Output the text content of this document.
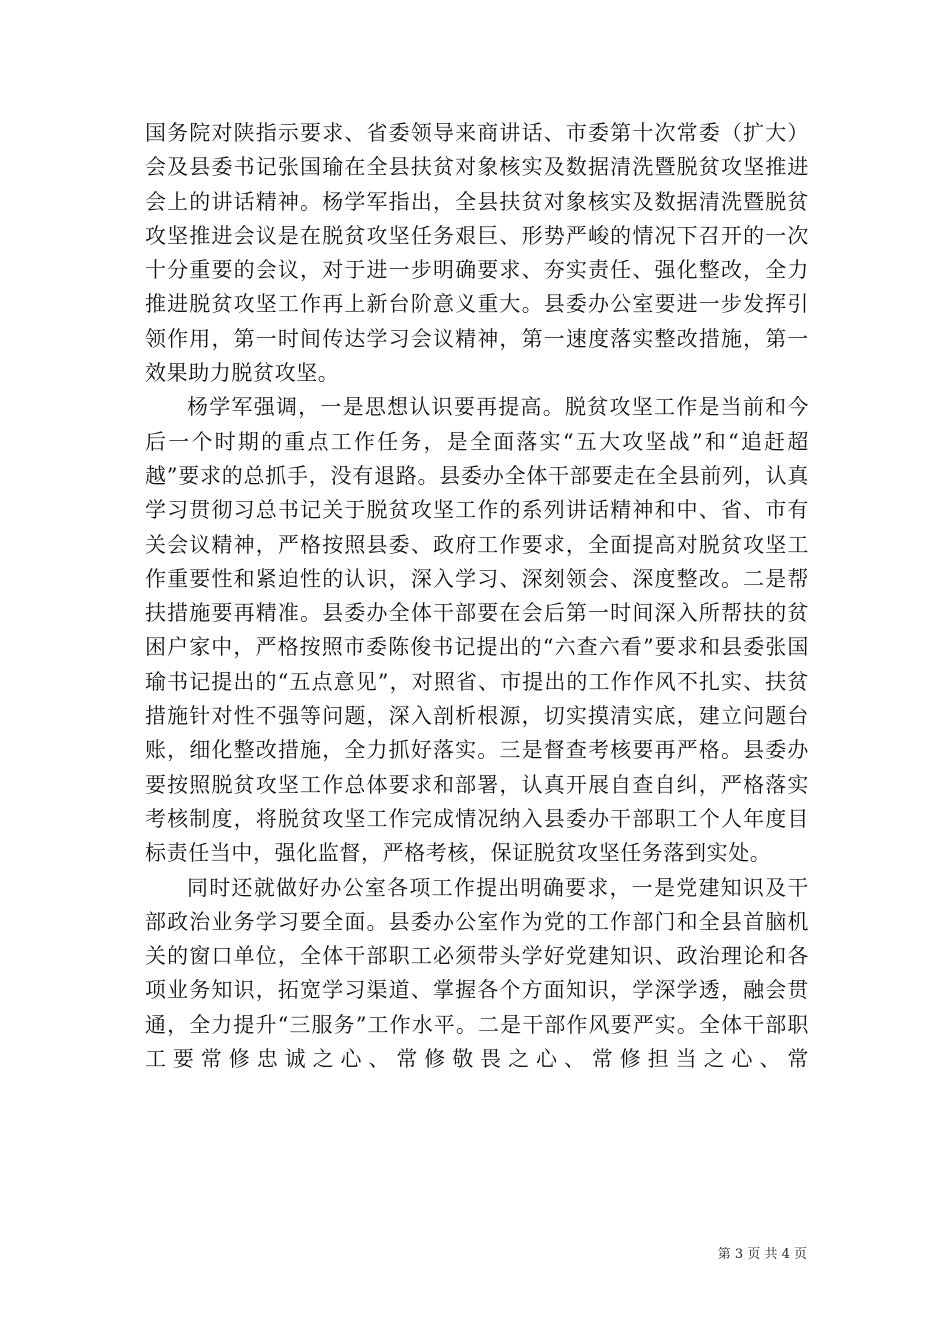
国务院对陕指示要求、省委领导来商讲话、市委第十次常委（扩大）会及县委书记张国瑜在全县扶贫对象核实及数据清洗暨脱贫攻坚推进会上的讲话精神。杨学军指出，全县扶贫对象核实及数据清洗暨脱贫攻坚推进会议是在脱贫攻坚任务艰巨、形势严峻的情况下召开的一次十分重要的会议，对于进一步明确要求、夯实责任、强化整改，全力推进脱贫攻坚工作再上新台阶意义重大。县委办公室要进一步发挥引领作用，第一时间传达学习会议精神，第一速度落实整改措施，第一效果助力脱贫攻坚。

杨学军强调，一是思想认识要再提高。脱贫攻坚工作是当前和今后一个时期的重点工作任务，是全面落实“五大攻坚战”和“追赶超越”要求的总抓手，没有退路。县委办全体干部要走在全县前列，认真学习贯彻习总书记关于脱贫攻坚工作的系列讲话精神和中、省、市有关会议精神，严格按照县委、政府工作要求，全面提高对脱贫攻坚工作重要性和紧迫性的认识，深入学习、深刻领会、深度整改。二是帮扶措施要再精准。县委办全体干部要在会后第一时间深入所帮扶的贫困户家中，严格按照市委陈俊书记提出的“六查六看”要求和县委张国瑜书记提出的“五点意见”，对照省、市提出的工作作风不扎实、扶贫措施针对性不强等问题，深入剖析根源，切实摸清实底，建立问题台账，细化整改措施，全力抓好落实。三是督查考核要再严格。县委办要按照脱贫攻坚工作总体要求和部署，认真开展自查自纠，严格落实考核制度，将脱贫攻坚工作完成情况纳入县委办干部职工个人年度目标责任当中，强化监督，严格考核，保证脱贫攻坚任务落到实处。

同时还就做好办公室各项工作提出明确要求，一是党建知识及干部政治业务学习要全面。县委办公室作为党的工作部门和全县首脑机关的窗口单位，全体干部职工必须带头学好党建知识、政治理论和各项业务知识，拓宽学习渠道、掌握各个方面知识，学深学透，融会贯通，全力提升“三服务”工作水平。二是干部作风要严实。全体干部职工要常修忠诚之心、常修敬畏之心、常修担当之心、常

第 3 页 共 4 页
